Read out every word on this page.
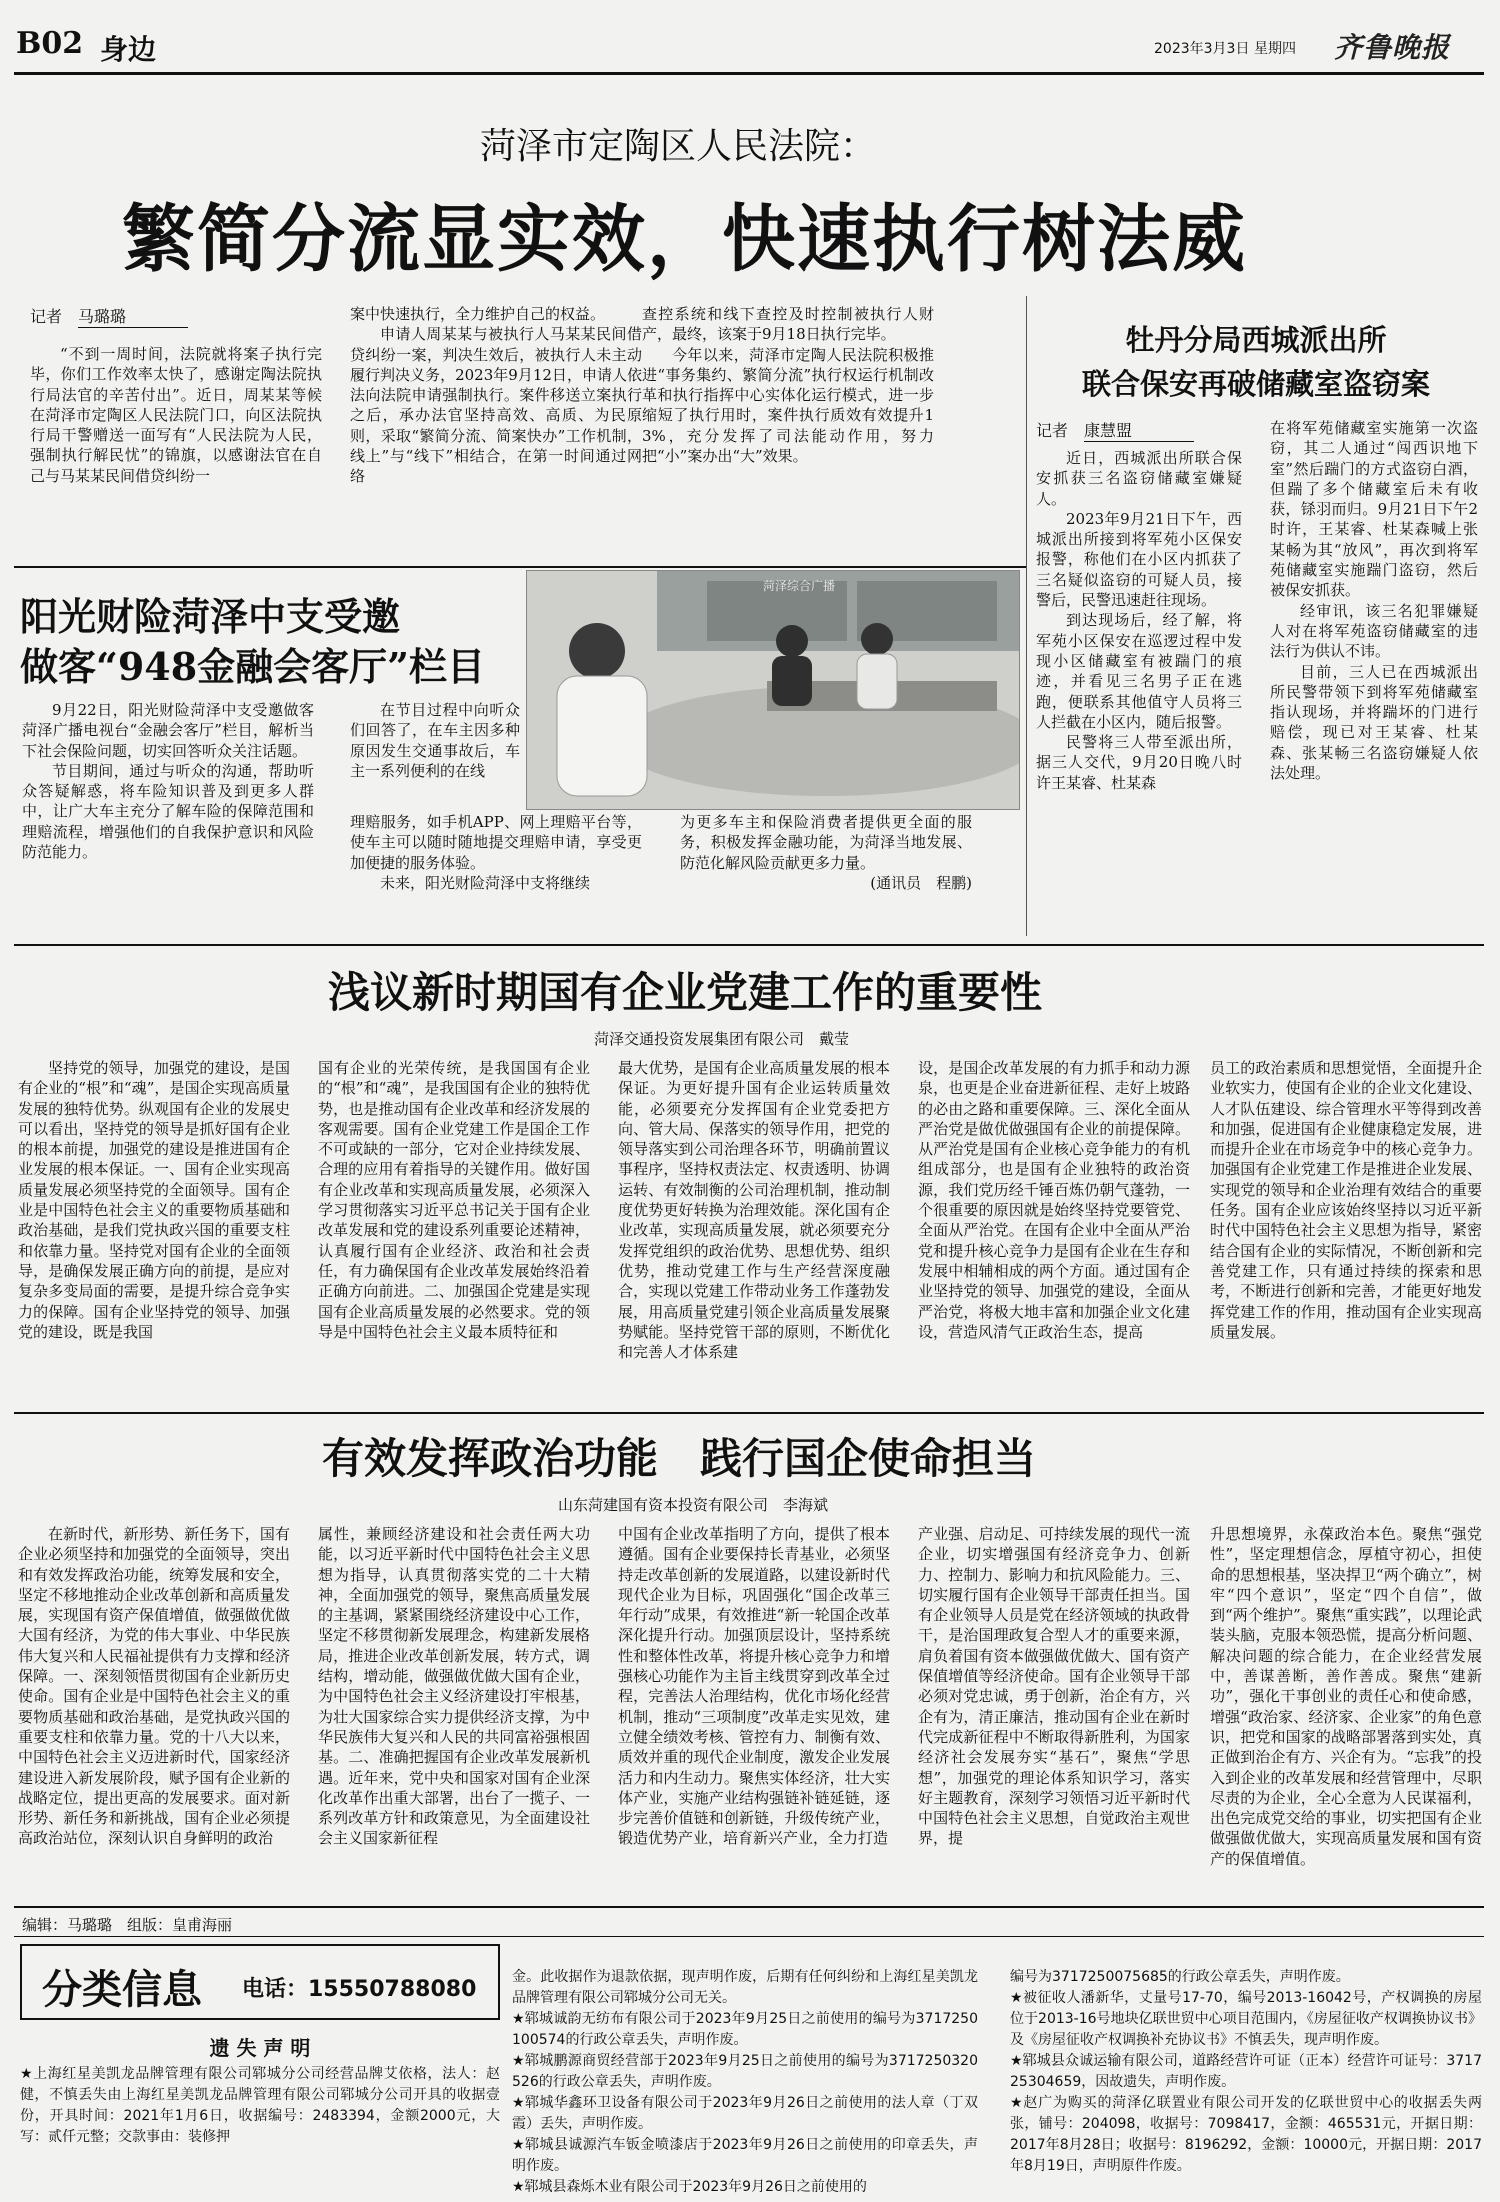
B02 身边	2023年3月3日 星期四 齐鲁晚报
菏泽市定陶区人民法院：
繁简分流显实效，快速执行树法威
记者　 马璐璐

“不到一周时间，法院就将案子执行完毕，你们工作效率太快了，感谢定陶法院执行局法官的辛苦付出”。近日，周某某等候在菏泽市定陶区人民法院门口，向区法院执行局干警赠送一面写有“人民法院为人民，强制执行解民忧”的锦旗，以感谢法官在自己与马某某民间借贷纠纷一

案中快速执行，全力维护自己的权益。

申请人周某某与被执行人马某某民间借贷纠纷一案，判决生效后，被执行人未主动履行判决义务，2023年9月12日，申请人依法向法院申请强制执行。案件移送立案执行之后，承办法官坚持高效、高质、为民原则，采取“繁简分流、简案快办”工作机制，线上”与“线下”相结合，在第一时间通过网络

查控系统和线下查控及时控制被执行人财产，最终，该案于9月18日执行完毕。

今年以来，菏泽市定陶人民法院积极推进“事务集约、繁简分流”执行权运行机制改革和执行指挥中心实体化运行模式，进一步缩短了执行用时，案件执行质效有效提升13%，充分发挥了司法能动作用，努力把“小”案办出“大”效果。

牡丹分局西城派出所
联合保安再破储藏室盗窃案
记者　 康慧盟

近日，西城派出所联合保安抓获三名盗窃储藏室嫌疑人。

2023年9月21日下午，西城派出所接到将军苑小区保安报警，称他们在小区内抓获了三名疑似盗窃的可疑人员，接警后，民警迅速赶往现场。

到达现场后，经了解，将军苑小区保安在巡逻过程中发现小区储藏室有被踹门的痕迹，并看见三名男子正在逃跑，便联系其他值守人员将三人拦截在小区内，随后报警。

民警将三人带至派出所，据三人交代，9月20日晚八时许王某睿、杜某森

在将军苑储藏室实施第一次盗窃，其二人通过“闯西识地下室”然后踹门的方式盗窃白酒，但踹了多个储藏室后未有收获，铩羽而归。9月21日下午2时许，王某睿、杜某森喊上张某畅为其“放风”，再次到将军苑储藏室实施踹门盗窃，然后被保安抓获。

经审讯，该三名犯罪嫌疑人对在将军苑盗窃储藏室的违法行为供认不讳。

目前，三人已在西城派出所民警带领下到将军苑储藏室指认现场，并将踹坏的门进行赔偿，现已对王某睿、杜某森、张某畅三名盗窃嫌疑人依法处理。

阳光财险菏泽中支受邀
做客“948金融会客厅”栏目
菏泽综合广播

9月22日，阳光财险菏泽中支受邀做客菏泽广播电视台“金融会客厅”栏目，解析当下社会保险问题，切实回答听众关注话题。

节目期间，通过与听众的沟通，帮助听众答疑解惑，将车险知识普及到更多人群中，让广大车主充分了解车险的保障范围和理赔流程，增强他们的自我保护意识和风险防范能力。

在节目过程中向听众们回答了，在车主因多种原因发生交通事故后，车主一系列便利的在线

理赔服务，如手机APP、网上理赔平台等，使车主可以随时随地提交理赔申请，享受更加便捷的服务体验。

未来，阳光财险菏泽中支将继续

为更多车主和保险消费者提供更全面的服务，积极发挥金融功能，为菏泽当地发展、防范化解风险贡献更多力量。

(通讯员　程鹏)

浅议新时期国有企业党建工作的重要性
菏泽交通投资发展集团有限公司　戴莹

坚持党的领导，加强党的建设，是国有企业的“根”和“魂”，是国企实现高质量发展的独特优势。纵观国有企业的发展史可以看出，坚持党的领导是抓好国有企业的根本前提，加强党的建设是推进国有企业发展的根本保证。一、国有企业实现高质量发展必须坚持党的全面领导。国有企业是中国特色社会主义的重要物质基础和政治基础，是我们党执政兴国的重要支柱和依靠力量。坚持党对国有企业的全面领导，是确保发展正确方向的前提，是应对复杂多变局面的需要，是提升综合竞争实力的保障。国有企业坚持党的领导、加强党的建设，既是我国

国有企业的光荣传统，是我国国有企业的“根”和“魂”，是我国国有企业的独特优势，也是推动国有企业改革和经济发展的客观需要。国有企业党建工作是国企工作不可或缺的一部分，它对企业持续发展、合理的应用有着指导的关键作用。做好国有企业改革和实现高质量发展，必须深入学习贯彻落实习近平总书记关于国有企业改革发展和党的建设系列重要论述精神，认真履行国有企业经济、政治和社会责任，有力确保国有企业改革发展始终沿着正确方向前进。二、加强国企党建是实现国有企业高质量发展的必然要求。党的领导是中国特色社会主义最本质特征和

最大优势，是国有企业高质量发展的根本保证。为更好提升国有企业运转质量效能，必须要充分发挥国有企业党委把方向、管大局、保落实的领导作用，把党的领导落实到公司治理各环节，明确前置议事程序，坚持权责法定、权责透明、协调运转、有效制衡的公司治理机制，推动制度优势更好转换为治理效能。深化国有企业改革，实现高质量发展，就必须要充分发挥党组织的政治优势、思想优势、组织优势，推动党建工作与生产经营深度融合，实现以党建工作带动业务工作蓬勃发展，用高质量党建引领企业高质量发展聚势赋能。坚持党管干部的原则，不断优化和完善人才体系建

设，是国企改革发展的有力抓手和动力源泉，也更是企业奋进新征程、走好上坡路的必由之路和重要保障。三、深化全面从严治党是做优做强国有企业的前提保障。从严治党是国有企业核心竞争能力的有机组成部分，也是国有企业独特的政治资源，我们党历经千锤百炼仍朝气蓬勃，一个很重要的原因就是始终坚持党要管党、全面从严治党。在国有企业中全面从严治党和提升核心竞争力是国有企业在生存和发展中相辅相成的两个方面。通过国有企业坚持党的领导、加强党的建设，全面从严治党，将极大地丰富和加强企业文化建设，营造风清气正政治生态，提高

员工的政治素质和思想觉悟，全面提升企业软实力，使国有企业的企业文化建设、人才队伍建设、综合管理水平等得到改善和加强，促进国有企业健康稳定发展，进而提升企业在市场竞争中的核心竞争力。加强国有企业党建工作是推进企业发展、实现党的领导和企业治理有效结合的重要任务。国有企业应该始终坚持以习近平新时代中国特色社会主义思想为指导，紧密结合国有企业的实际情况，不断创新和完善党建工作，只有通过持续的探索和思考，不断进行创新和完善，才能更好地发挥党建工作的作用，推动国有企业实现高质量发展。

有效发挥政治功能　践行国企使命担当
山东菏建国有资本投资有限公司　李海斌

在新时代，新形势、新任务下，国有企业必须坚持和加强党的全面领导，突出和有效发挥政治功能，统筹发展和安全，坚定不移地推动企业改革创新和高质量发展，实现国有资产保值增值，做强做优做大国有经济，为党的伟大事业、中华民族伟大复兴和人民福祉提供有力支撑和经济保障。一、深刻领悟贯彻国有企业新历史使命。国有企业是中国特色社会主义的重要物质基础和政治基础，是党执政兴国的重要支柱和依靠力量。党的十八大以来，中国特色社会主义迈进新时代，国家经济建设进入新发展阶段，赋予国有企业新的战略定位，提出更高的发展要求。面对新形势、新任务和新挑战，国有企业必须提高政治站位，深刻认识自身鲜明的政治

属性，兼顾经济建设和社会责任两大功能，以习近平新时代中国特色社会主义思想为指导，认真贯彻落实党的二十大精神，全面加强党的领导，聚焦高质量发展的主基调，紧紧围绕经济建设中心工作，坚定不移贯彻新发展理念，构建新发展格局，推进企业改革创新发展，转方式，调结构，增动能，做强做优做大国有企业，为中国特色社会主义经济建设打牢根基，为壮大国家综合实力提供经济支撑，为中华民族伟大复兴和人民的共同富裕强根固基。二、准确把握国有企业改革发展新机遇。近年来，党中央和国家对国有企业深化改革作出重大部署，出台了一揽子、一系列改革方针和政策意见，为全面建设社会主义国家新征程

中国有企业改革指明了方向，提供了根本遵循。国有企业要保持长青基业，必须坚持走改革创新的发展道路，以建设新时代现代企业为目标，巩固强化“国企改革三年行动”成果，有效推进“新一轮国企改革深化提升行动。加强顶层设计，坚持系统性和整体性改革，将提升核心竞争力和增强核心功能作为主旨主线贯穿到改革全过程，完善法人治理结构，优化市场化经营机制，推动“三项制度”改革走实见效，建立健全绩效考核、管控有力、制衡有效、质效并重的现代企业制度，激发企业发展活力和内生动力。聚焦实体经济，壮大实体产业，实施产业结构强链补链延链，逐步完善价值链和创新链，升级传统产业，锻造优势产业，培育新兴产业，全力打造

产业强、启动足、可持续发展的现代一流企业，切实增强国有经济竞争力、创新力、控制力、影响力和抗风险能力。三、切实履行国有企业领导干部责任担当。国有企业领导人员是党在经济领域的执政骨干，是治国理政复合型人才的重要来源，肩负着国有资本做强做优做大、国有资产保值增值等经济使命。国有企业领导干部必须对党忠诚，勇于创新，治企有方，兴企有为，清正廉洁，推动国有企业在新时代完成新征程中不断取得新胜利，为国家经济社会发展夯实“基石”，聚焦“学思想”，加强党的理论体系知识学习，落实好主题教育，深刻学习领悟习近平新时代中国特色社会主义思想，自觉政治主观世界，提

升思想境界，永葆政治本色。聚焦“强党性”，坚定理想信念，厚植守初心，担使命的思想根基，坚决捍卫“两个确立”，树牢“四个意识”，坚定“四个自信”，做到“两个维护”。聚焦“重实践”，以理论武装头脑，克服本领恐慌，提高分析问题、解决问题的综合能力，在企业经营发展中，善谋善断，善作善成。聚焦“建新功”，强化干事创业的责任心和使命感，增强“政治家、经济家、企业家”的角色意识，把党和国家的战略部署落到实处，真正做到治企有方、兴企有为。“忘我”的投入到企业的改革发展和经营管理中，尽职尽责的为企业，全心全意为人民谋福利，出色完成党交给的事业，切实把国有企业做强做优做大，实现高质量发展和国有资产的保值增值。

编辑：马璐璐　组版：皇甫海丽
分类信息 电话：15550788080
遗 失 声 明

★上海红星美凯龙品牌管理有限公司郓城分公司经营品牌艾依格，法人：赵健，不慎丢失由上海红星美凯龙品牌管理有限公司郓城分公司开具的收据壹份，开具时间：2021年1月6日，收据编号：2483394，金额2000元，大写：贰仟元整；交款事由：装修押

金。此收据作为退款依据，现声明作废，后期有任何纠纷和上海红星美凯龙品牌管理有限公司郓城分公司无关。
★郓城诚韵无纺布有限公司于2023年9月25日之前使用的编号为3717250100574的行政公章丢失，声明作废。
★郓城鹏源商贸经营部于2023年9月25日之前使用的编号为3717250320526的行政公章丢失，声明作废。
★郓城华鑫环卫设备有限公司于2023年9月26日之前使用的法人章（丁双霞）丢失，声明作废。
★郓城县诚源汽车钣金喷漆店于2023年9月26日之前使用的印章丢失，声明作废。
★郓城县森烁木业有限公司于2023年9月26日之前使用的

编号为3717250075685的行政公章丢失，声明作废。
★被征收人潘新华，丈量号17-70，编号2013-16042号，产权调换的房屋位于2013-16号地块亿联世贸中心项目范围内，《房屋征收产权调换协议书》及《房屋征收产权调换补充协议书》不慎丢失，现声明作废。
★郓城县众诚运输有限公司，道路经营许可证（正本）经营许可证号：371725304659，因故遗失，声明作废。
★赵广为购买的菏泽亿联置业有限公司开发的亿联世贸中心的收据丢失两张，铺号：204098，收据号：7098417，金额：465531元，开据日期：2017年8月28日；收据号：8196292，金额：10000元，开据日期：2017年8月19日，声明原件作废。
